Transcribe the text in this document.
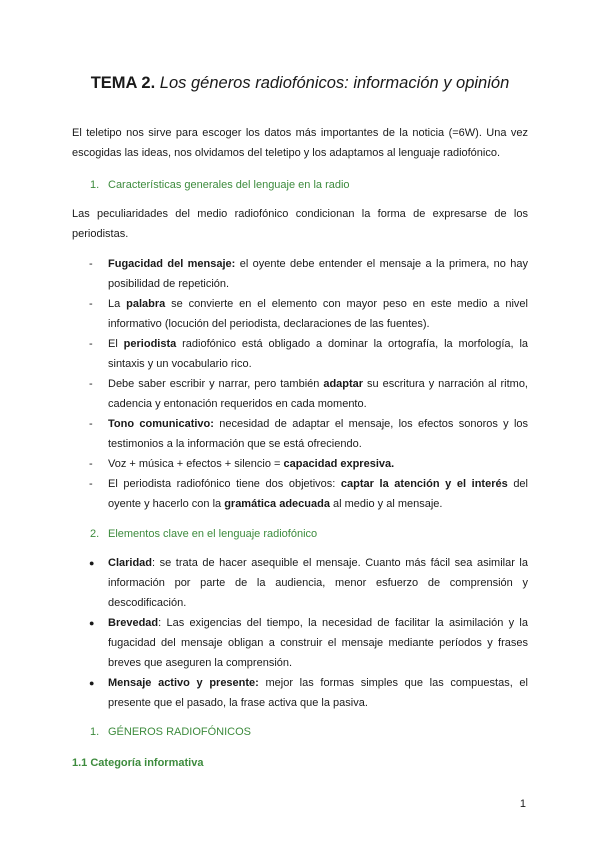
TEMA 2. Los géneros radiofónicos: información y opinión

El teletipo nos sirve para escoger los datos más importantes de la noticia (=6W). Una vez escogidas las ideas, nos olvidamos del teletipo y los adaptamos al lenguaje radiofónico.

1. Características generales del lenguaje en la radio

Las peculiaridades del medio radiofónico condicionan la forma de expresarse de los periodistas.

-	Fugacidad del mensaje: el oyente debe entender el mensaje a la primera, no hay posibilidad de repetición.
-	La palabra se convierte en el elemento con mayor peso en este medio a nivel informativo (locución del periodista, declaraciones de las fuentes).
-	El periodista radiofónico está obligado a dominar la ortografía, la morfología, la sintaxis y un vocabulario rico.
-	Debe saber escribir y narrar, pero también adaptar su escritura y narración al ritmo, cadencia y entonación requeridos en cada momento.
-	Tono comunicativo: necesidad de adaptar el mensaje, los efectos sonoros y los testimonios a la información que se está ofreciendo.
-	Voz + música + efectos + silencio = capacidad expresiva.
-	El periodista radiofónico tiene dos objetivos: captar la atención y el interés del oyente y hacerlo con la gramática adecuada al medio y al mensaje.
2. Elementos clave en el lenguaje radiofónico
●	Claridad: se trata de hacer asequible el mensaje. Cuanto más fácil sea asimilar la información por parte de la audiencia, menor esfuerzo de comprensión y descodificación.
●	Brevedad: Las exigencias del tiempo, la necesidad de facilitar la asimilación y la fugacidad del mensaje obligan a construir el mensaje mediante períodos y frases breves que aseguren la comprensión.
●	Mensaje activo y presente: mejor las formas simples que las compuestas, el presente que el pasado, la frase activa que la pasiva.
1. GÉNEROS RADIOFÓNICOS
1.1 Categoría informativa
1
